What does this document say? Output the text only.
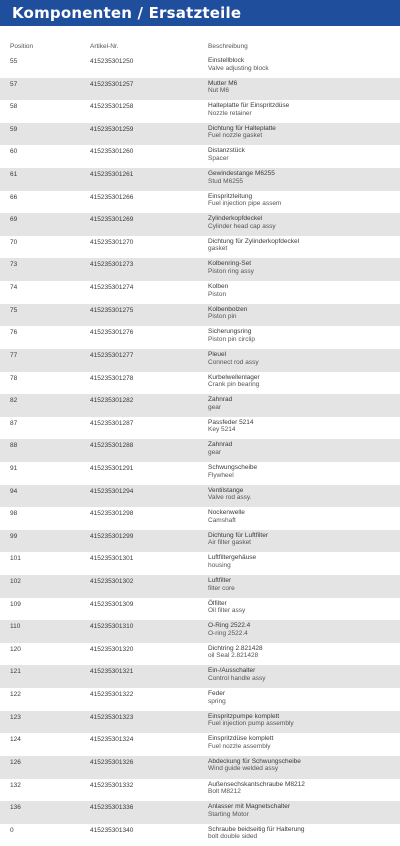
Komponenten / Ersatzteile
Position	Artikel-Nr.	Beschreibung
55	415235301250	Einstellblock
Valve adjusting block
57	415235301257	Mutter M6
Nut M6
58	415235301258	Halteplatte für Einspritzdüse
Nozzle retainer
59	415235301259	Dichtung für Halteplatte
Fuel nozzle gasket
60	415235301260	Distanzstück
Spacer
61	415235301261	Gewindestange M6255
Stud M6255
66	415235301266	Einspritzleitung
Fuel injection pipe assem
69	415235301269	Zylinderkopfdeckel
Cylinder head cap assy
70	415235301270	Dichtung für Zylinderkopfdeckel
gasket
73	415235301273	Kolbenring-Set
Piston ring assy
74	415235301274	Kolben
Piston
75	415235301275	Kolbenbolzen
Piston pin
76	415235301276	Sicherungsring
Piston pin circlip
77	415235301277	Pleuel
Connect rod assy
78	415235301278	Kurbelwellenlager
Crank pin bearing
82	415235301282	Zahnrad
gear
87	415235301287	Passfeder 5214
Key 5214
88	415235301288	Zahnrad
gear
91	415235301291	Schwungscheibe
Flywheel
94	415235301294	Ventilstange
Valve rod assy.
98	415235301298	Nockenwelle
Camshaft
99	415235301299	Dichtung für Luftfilter
Air filter gasket
101	415235301301	Luftfiltergehäuse
housing
102	415235301302	Luftfilter
filter core
109	415235301309	Ölfilter
Oil filter assy
110	415235301310	O-Ring 2522.4
O-ring 2522.4
120	415235301320	Dichtring 2.821428
oil Seal 2.821428
121	415235301321	Ein-/Ausschalter
Control handle assy
122	415235301322	Feder
spring
123	415235301323	Einspritzpumpe komplett
Fuel injection pump assembly
124	415235301324	Einspritzdüse komplett
Fuel nozzle assembly
126	415235301326	Abdeckung für Schwungscheibe
Wind guide welded assy
132	415235301332	Außensechskantschraube M8212
Bolt M8212
136	415235301336	Anlasser mit Magnetschalter
Starting Motor
0	415235301340	Schraube beidseitig für Halterung
bolt double sided
